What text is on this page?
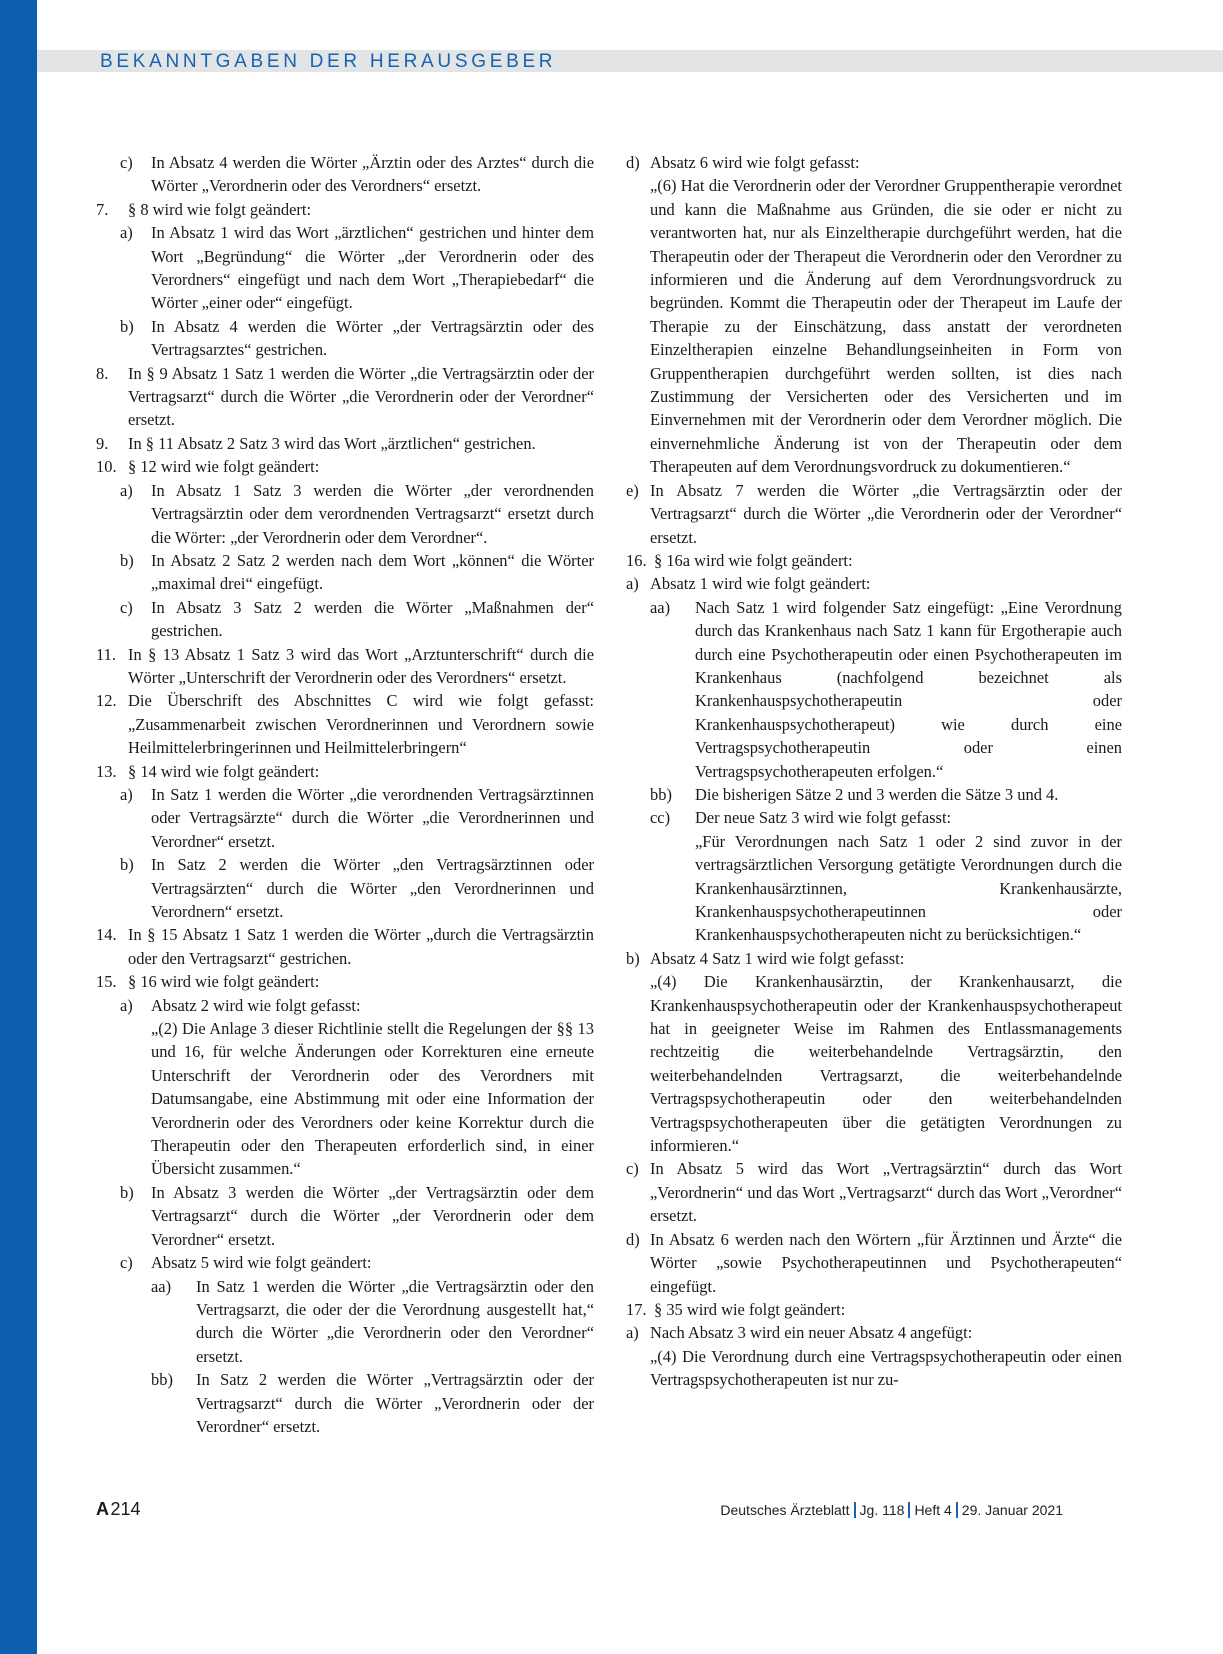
BEKANNTGABEN DER HERAUSGEBER
c)	In Absatz 4 werden die Wörter „Ärztin oder des Arztes“ durch die Wörter „Verordnerin oder des Verordners“ ersetzt.
7.	§ 8 wird wie folgt geändert:
a)	In Absatz 1 wird das Wort „ärztlichen“ gestrichen und hinter dem Wort „Begründung“ die Wörter „der Verordnerin oder des Verordners“ eingefügt und nach dem Wort „Therapiebedarf“ die Wörter „einer oder“ eingefügt.
b)	In Absatz 4 werden die Wörter „der Vertragsärztin oder des Vertragsarztes“ gestrichen.
8.	In § 9 Absatz 1 Satz 1 werden die Wörter „die Vertragsärztin oder der Vertragsarzt“ durch die Wörter „die Verordnerin oder der Verordner“ ersetzt.
9.	In § 11 Absatz 2 Satz 3 wird das Wort „ärztlichen“ gestrichen.
10. § 12 wird wie folgt geändert:
a)	In Absatz 1 Satz 3 werden die Wörter „der verordnenden Vertragsärztin oder dem verordnenden Vertragsarzt“ ersetzt durch die Wörter: „der Verordnerin oder dem Verordner“.
b)	In Absatz 2 Satz 2 werden nach dem Wort „können“ die Wörter „maximal drei“ eingefügt.
c)	In Absatz 3 Satz 2 werden die Wörter „Maßnahmen der“ gestrichen.
11. In § 13 Absatz 1 Satz 3 wird das Wort „Arztunterschrift“ durch die Wörter „Unterschrift der Verordnerin oder des Verordners“ ersetzt.
12. Die Überschrift des Abschnittes C wird wie folgt gefasst: „Zusammenarbeit zwischen Verordnerinnen und Verordnern sowie Heilmittelerbringerinnen und Heilmittelerbringern“
13. § 14 wird wie folgt geändert:
a)	In Satz 1 werden die Wörter „die verordnenden Vertragsärztinnen oder Vertragsärzte“ durch die Wörter „die Verordnerinnen und Verordner“ ersetzt.
b)	In Satz 2 werden die Wörter „den Vertragsärztinnen oder Vertragsärzten“ durch die Wörter „den Verordnerinnen und Verordnern“ ersetzt.
14. In § 15 Absatz 1 Satz 1 werden die Wörter „durch die Vertragsärztin oder den Vertragsarzt“ gestrichen.
15. § 16 wird wie folgt geändert:
a)	Absatz 2 wird wie folgt gefasst:
„(2) Die Anlage 3 dieser Richtlinie stellt die Regelungen der §§ 13 und 16, für welche Änderungen oder Korrekturen eine erneute Unterschrift der Verordnerin oder des Verordners mit Datumsangabe, eine Abstimmung mit oder eine Information der Verordnerin oder des Verordners oder keine Korrektur durch die Therapeutin oder den Therapeuten erforderlich sind, in einer Übersicht zusammen.“
b)	In Absatz 3 werden die Wörter „der Vertragsärztin oder dem Vertragsarzt“ durch die Wörter „der Verordnerin oder dem Verordner“ ersetzt.
c)	Absatz 5 wird wie folgt geändert:
aa)	In Satz 1 werden die Wörter „die Vertragsärztin oder den Vertragsarzt, die oder der die Verordnung ausgestellt hat,“ durch die Wörter „die Verordnerin oder den Verordner“ ersetzt.
bb)	In Satz 2 werden die Wörter „Vertragsärztin oder der Vertragsarzt“ durch die Wörter „Verordnerin oder der Verordner“ ersetzt.
d) Absatz 6 wird wie folgt gefasst:
„(6) Hat die Verordnerin oder der Verordner Gruppentherapie verordnet und kann die Maßnahme aus Gründen, die sie oder er nicht zu verantworten hat, nur als Einzeltherapie durchgeführt werden, hat die Therapeutin oder der Therapeut die Verordnerin oder den Verordner zu informieren und die Änderung auf dem Verordnungsvordruck zu begründen. Kommt die Therapeutin oder der Therapeut im Laufe der Therapie zu der Einschätzung, dass anstatt der verordneten Einzeltherapien einzelne Behandlungseinheiten in Form von Gruppentherapien durchgeführt werden sollten, ist dies nach Zustimmung der Versicherten oder des Versicherten und im Einvernehmen mit der Verordnerin oder dem Verordner möglich. Die einvernehmliche Änderung ist von der Therapeutin oder dem Therapeuten auf dem Verordnungsvordruck zu dokumentieren.“
e) In Absatz 7 werden die Wörter „die Vertragsärztin oder der Vertragsarzt“ durch die Wörter „die Verordnerin oder der Verordner“ ersetzt.
16. § 16a wird wie folgt geändert:
a) Absatz 1 wird wie folgt geändert:
aa)	Nach Satz 1 wird folgender Satz eingefügt: „Eine Verordnung durch das Krankenhaus nach Satz 1 kann für Ergotherapie auch durch eine Psychotherapeutin oder einen Psychotherapeuten im Krankenhaus (nachfolgend bezeichnet als Krankenhauspsychotherapeutin oder Krankenhauspsychotherapeut) wie durch eine Vertragspsychotherapeutin oder einen Vertragspsychotherapeuten erfolgen.“
bb)	Die bisherigen Sätze 2 und 3 werden die Sätze 3 und 4.
cc)	Der neue Satz 3 wird wie folgt gefasst:
„Für Verordnungen nach Satz 1 oder 2 sind zuvor in der vertragsärztlichen Versorgung getätigte Verordnungen durch die Krankenhausärztinnen, Krankenhausärzte, Krankenhauspsychotherapeutinnen oder Krankenhauspsychotherapeuten nicht zu berücksichtigen.“
b) Absatz 4 Satz 1 wird wie folgt gefasst:
„(4) Die Krankenhausärztin, der Krankenhausarzt, die Krankenhauspsychotherapeutin oder der Krankenhauspsychotherapeut hat in geeigneter Weise im Rahmen des Entlassmanagements rechtzeitig die weiterbehandelnde Vertragsärztin, den weiterbehandelnden Vertragsarzt, die weiterbehandelnde Vertragspsychotherapeutin oder den weiterbehandelnden Vertragspsychotherapeuten über die getätigten Verordnungen zu informieren.“
c) In Absatz 5 wird das Wort „Vertragsärztin“ durch das Wort „Verordnerin“ und das Wort „Vertragsarzt“ durch das Wort „Verordner“ ersetzt.
d) In Absatz 6 werden nach den Wörtern „für Ärztinnen und Ärzte“ die Wörter „sowie Psychotherapeutinnen und Psychotherapeuten“ eingefügt.
17. § 35 wird wie folgt geändert:
a) Nach Absatz 3 wird ein neuer Absatz 4 angefügt:
„(4) Die Verordnung durch eine Vertragspsychotherapeutin oder einen Vertragspsychotherapeuten ist nur zu-
A 214	Deutsches Ärzteblatt Jg. 118 Heft 4 29. Januar 2021
